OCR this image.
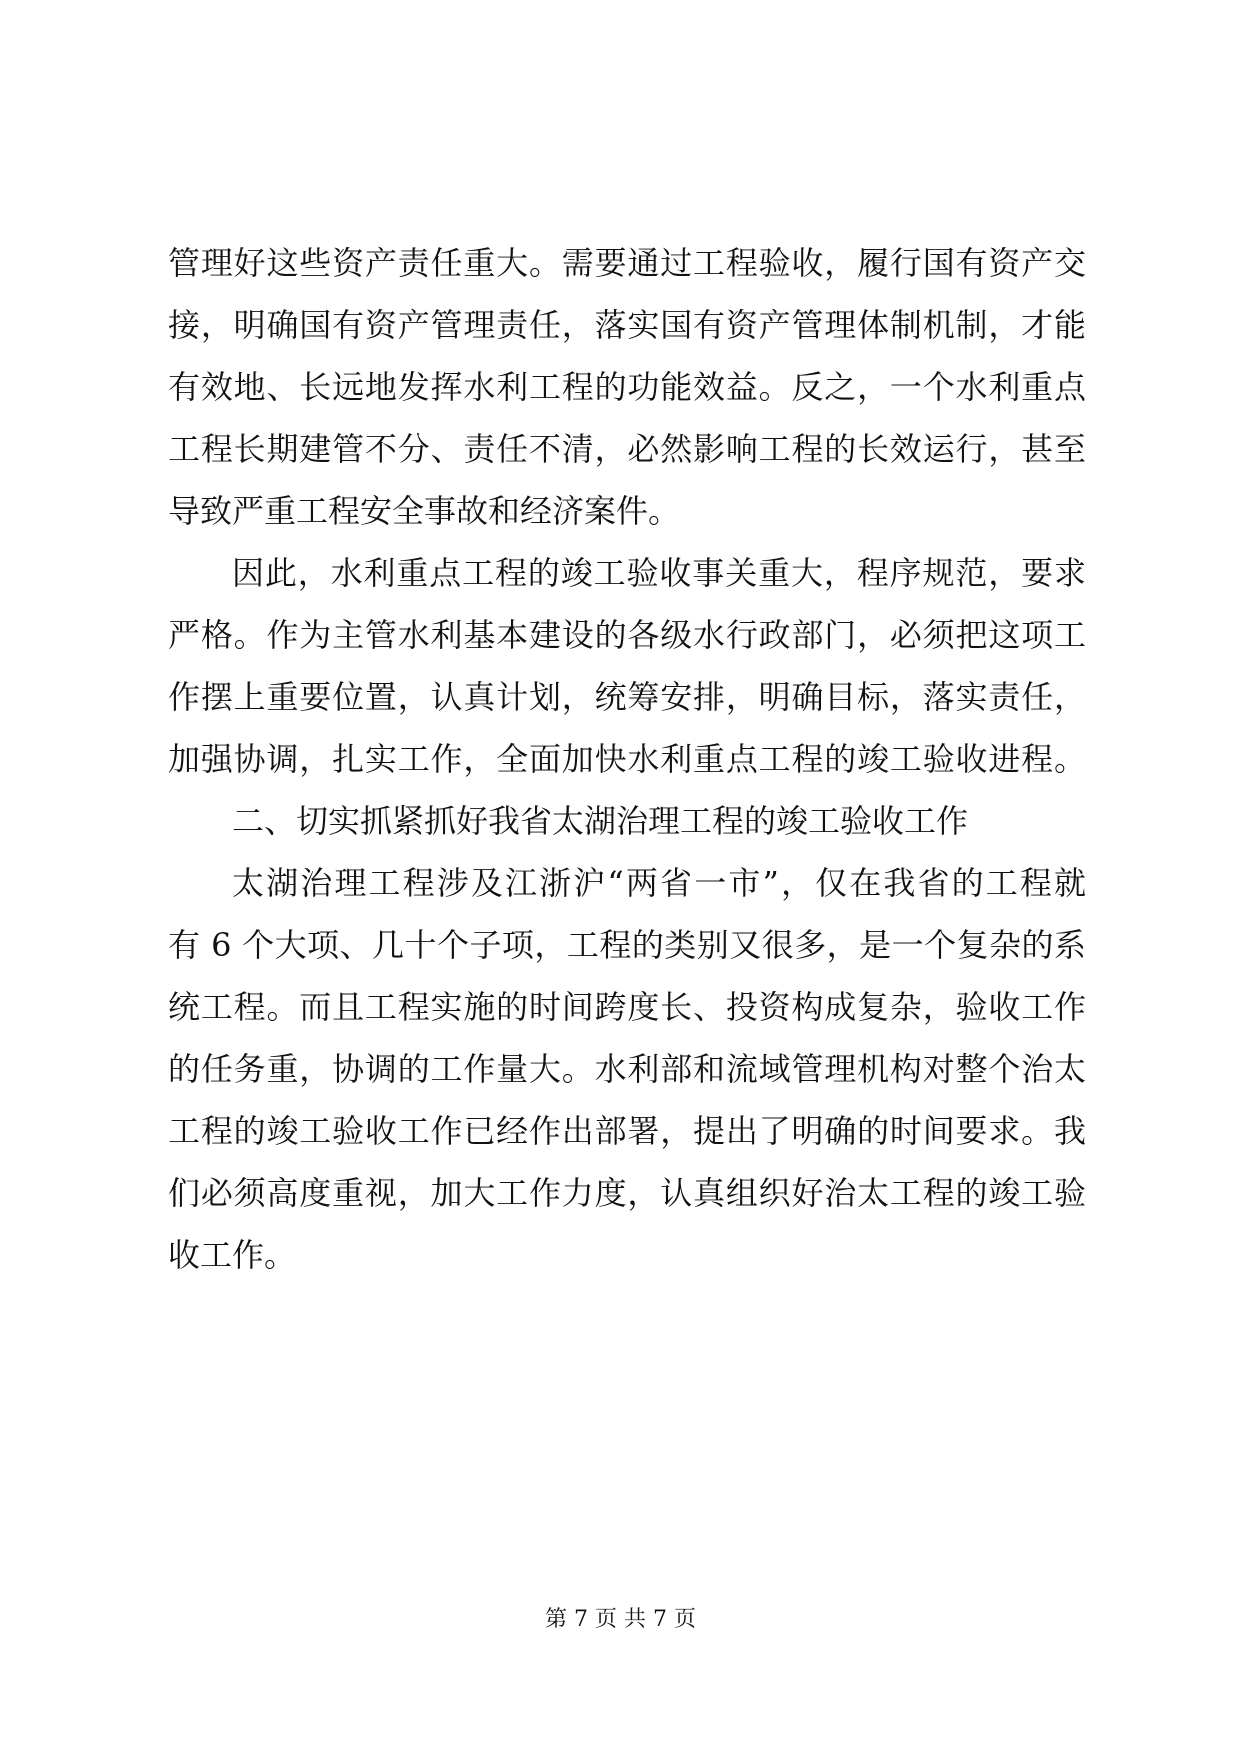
管理好这些资产责任重大。需要通过工程验收，履行国有资产交
接，明确国有资产管理责任，落实国有资产管理体制机制，才能
有效地、长远地发挥水利工程的功能效益。反之，一个水利重点
工程长期建管不分、责任不清，必然影响工程的长效运行，甚至
导致严重工程安全事故和经济案件。
因此，水利重点工程的竣工验收事关重大，程序规范，要求
严格。作为主管水利基本建设的各级水行政部门，必须把这项工
作摆上重要位置，认真计划，统筹安排，明确目标，落实责任，
加强协调，扎实工作，全面加快水利重点工程的竣工验收进程。
二、切实抓紧抓好我省太湖治理工程的竣工验收工作
太湖治理工程涉及江浙沪“两省一市”，仅在我省的工程就
有 6 个大项、几十个子项，工程的类别又很多，是一个复杂的系
统工程。而且工程实施的时间跨度长、投资构成复杂，验收工作
的任务重，协调的工作量大。水利部和流域管理机构对整个治太
工程的竣工验收工作已经作出部署，提出了明确的时间要求。我
们必须高度重视，加大工作力度，认真组织好治太工程的竣工验
收工作。
第 7 页 共 7 页
